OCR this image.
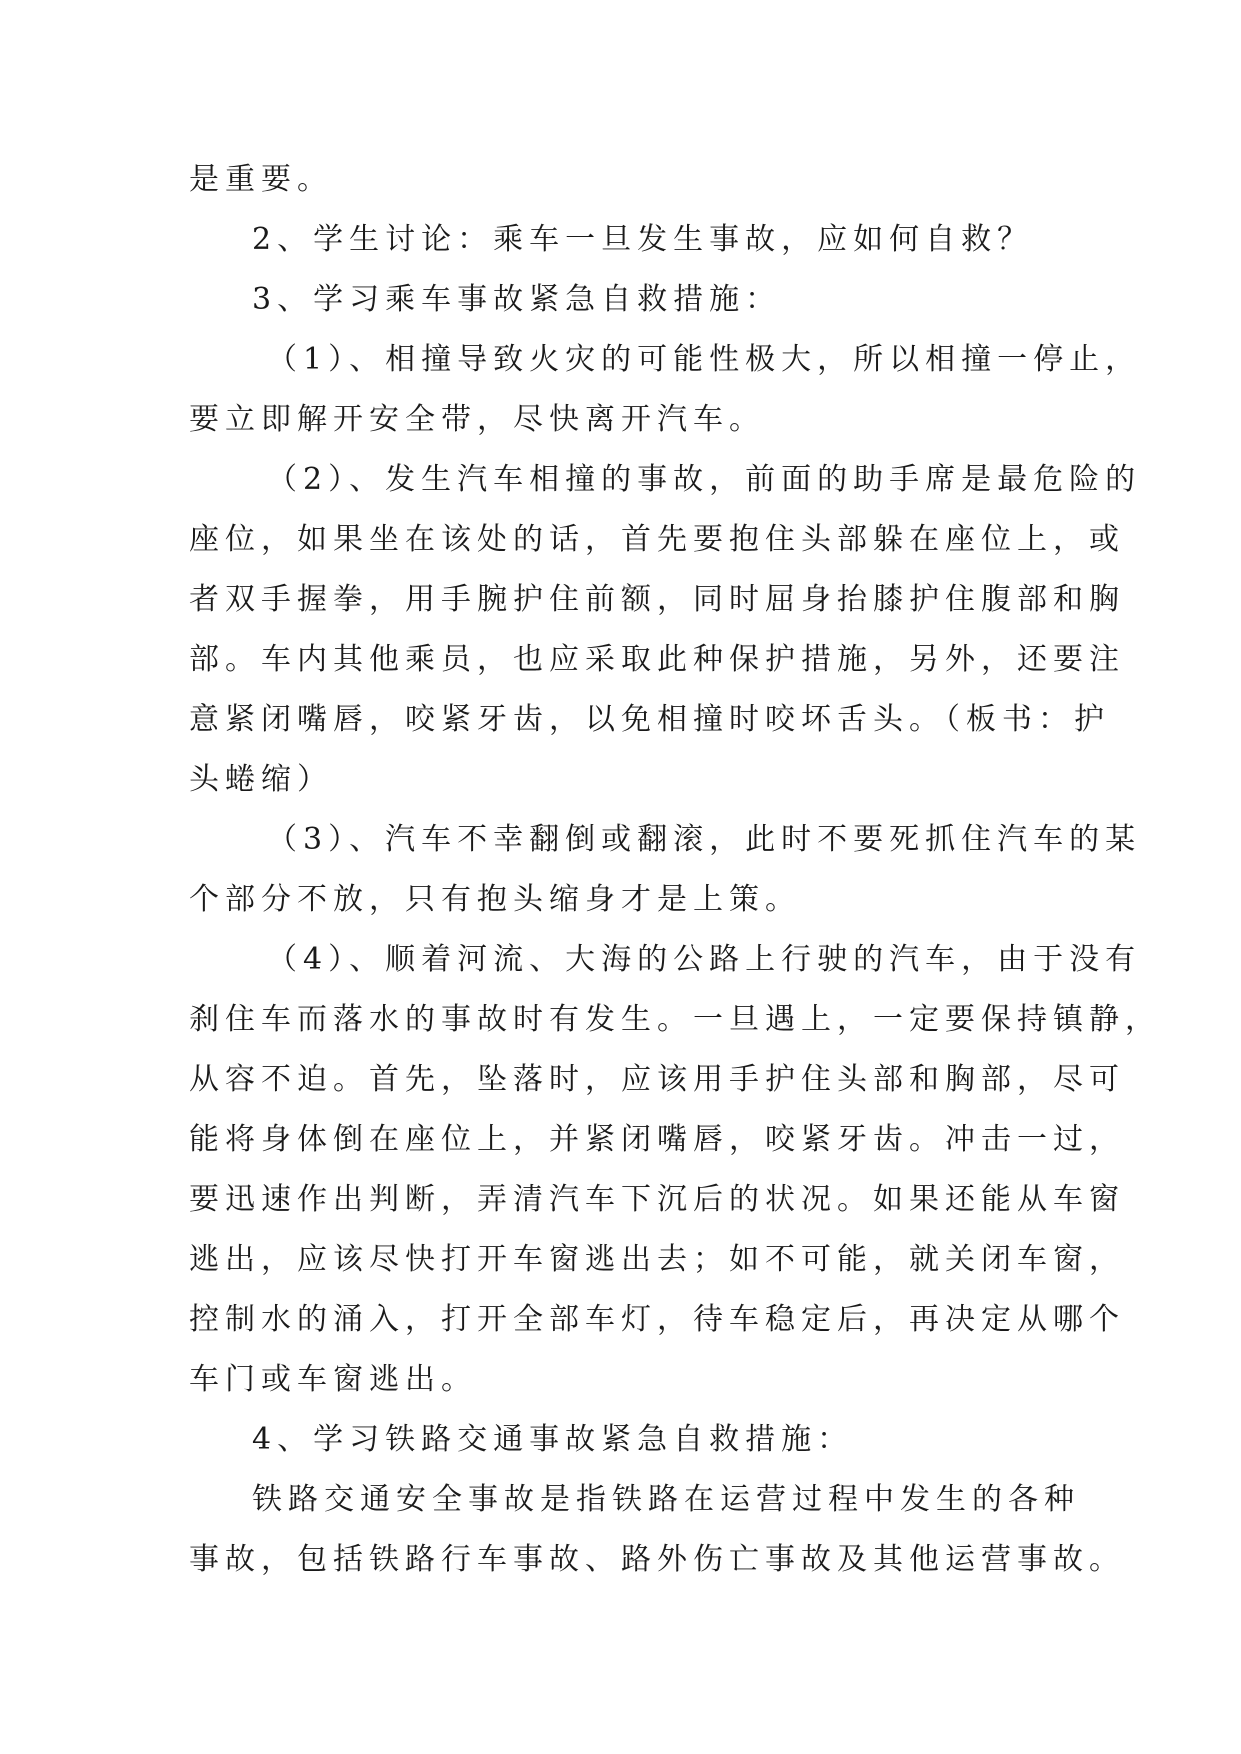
是重要。
2、学生讨论：乘车一旦发生事故，应如何自救？
3、学习乘车事故紧急自救措施：
（1）、相撞导致火灾的可能性极大，所以相撞一停止，
要立即解开安全带，尽快离开汽车。
（2）、发生汽车相撞的事故，前面的助手席是最危险的
座位，如果坐在该处的话，首先要抱住头部躲在座位上，或
者双手握拳，用手腕护住前额，同时屈身抬膝护住腹部和胸
部。车内其他乘员，也应采取此种保护措施，另外，还要注
意紧闭嘴唇，咬紧牙齿，以免相撞时咬坏舌头。（板书：护
头蜷缩）
（3）、汽车不幸翻倒或翻滚，此时不要死抓住汽车的某
个部分不放，只有抱头缩身才是上策。
（4）、顺着河流、大海的公路上行驶的汽车，由于没有
刹住车而落水的事故时有发生。一旦遇上，一定要保持镇静，
从容不迫。首先，坠落时，应该用手护住头部和胸部，尽可
能将身体倒在座位上，并紧闭嘴唇，咬紧牙齿。冲击一过，
要迅速作出判断，弄清汽车下沉后的状况。如果还能从车窗
逃出，应该尽快打开车窗逃出去；如不可能，就关闭车窗，
控制水的涌入，打开全部车灯，待车稳定后，再决定从哪个
车门或车窗逃出。
4、学习铁路交通事故紧急自救措施：
铁路交通安全事故是指铁路在运营过程中发生的各种
事故，包括铁路行车事故、路外伤亡事故及其他运营事故。
